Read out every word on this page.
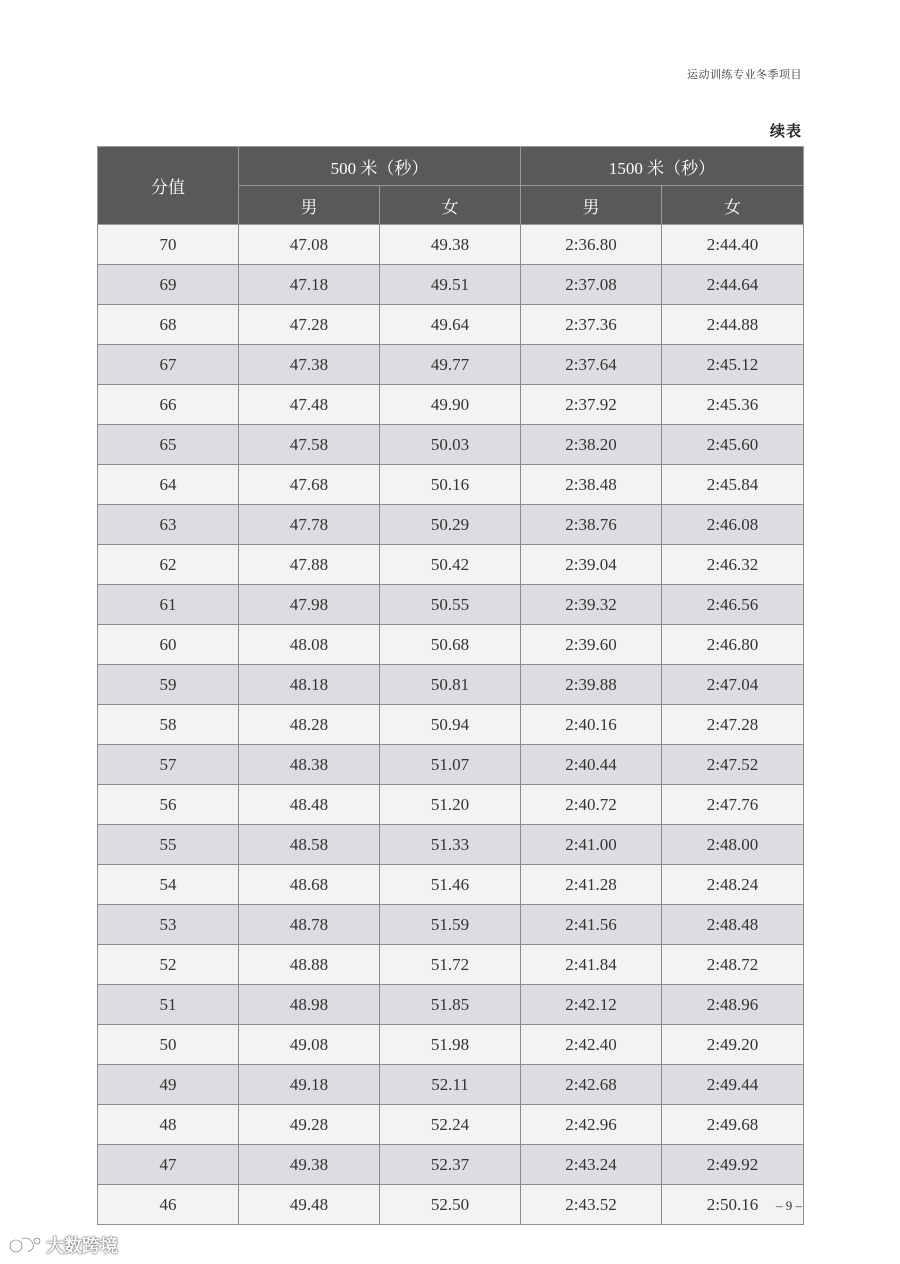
运动训练专业冬季项目
续表
分值	500 米（秒）		1500 米（秒）	
	男	女	男	女
70	47.08	49.38	2:36.80	2:44.40
69	47.18	49.51	2:37.08	2:44.64
68	47.28	49.64	2:37.36	2:44.88
67	47.38	49.77	2:37.64	2:45.12
66	47.48	49.90	2:37.92	2:45.36
65	47.58	50.03	2:38.20	2:45.60
64	47.68	50.16	2:38.48	2:45.84
63	47.78	50.29	2:38.76	2:46.08
62	47.88	50.42	2:39.04	2:46.32
61	47.98	50.55	2:39.32	2:46.56
60	48.08	50.68	2:39.60	2:46.80
59	48.18	50.81	2:39.88	2:47.04
58	48.28	50.94	2:40.16	2:47.28
57	48.38	51.07	2:40.44	2:47.52
56	48.48	51.20	2:40.72	2:47.76
55	48.58	51.33	2:41.00	2:48.00
54	48.68	51.46	2:41.28	2:48.24
53	48.78	51.59	2:41.56	2:48.48
52	48.88	51.72	2:41.84	2:48.72
51	48.98	51.85	2:42.12	2:48.96
50	49.08	51.98	2:42.40	2:49.20
49	49.18	52.11	2:42.68	2:49.44
48	49.28	52.24	2:42.96	2:49.68
47	49.38	52.37	2:43.24	2:49.92
46	49.48	52.50	2:43.52	2:50.16 – 9 –
大数跨境
